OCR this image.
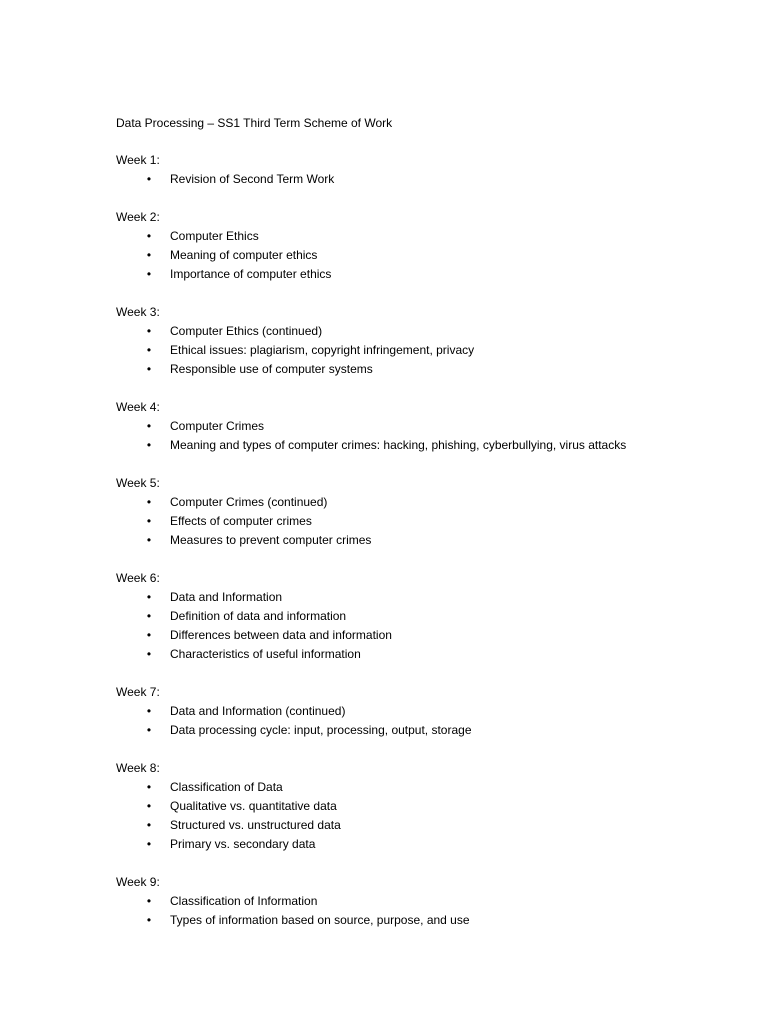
Data Processing – SS1 Third Term Scheme of Work
Week 1:
• Revision of Second Term Work
Week 2:
• Computer Ethics
• Meaning of computer ethics
• Importance of computer ethics
Week 3:
• Computer Ethics (continued)
• Ethical issues: plagiarism, copyright infringement, privacy
• Responsible use of computer systems
Week 4:
• Computer Crimes
• Meaning and types of computer crimes: hacking, phishing, cyberbullying, virus attacks
Week 5:
• Computer Crimes (continued)
• Effects of computer crimes
• Measures to prevent computer crimes
Week 6:
• Data and Information
• Definition of data and information
• Differences between data and information
• Characteristics of useful information
Week 7:
• Data and Information (continued)
• Data processing cycle: input, processing, output, storage
Week 8:
• Classification of Data
• Qualitative vs. quantitative data
• Structured vs. unstructured data
• Primary vs. secondary data
Week 9:
• Classification of Information
• Types of information based on source, purpose, and use
